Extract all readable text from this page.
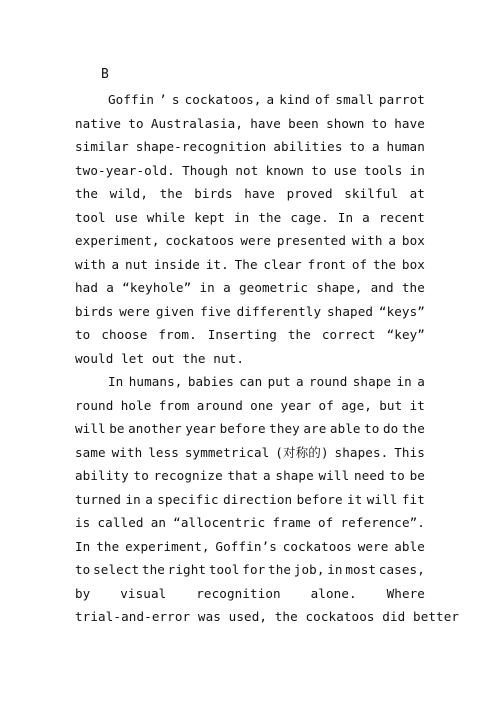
B
Goffin ’ s cockatoos, a kind of small parrot
native to Australasia, have been shown to have
similar shape-recognition abilities to a human
two-year-old. Though not known to use tools in
the wild, the birds have proved skilful at
tool use while kept in the cage. In a recent
experiment, cockatoos were presented with a box
with a nut inside it. The clear front of the box
had a “keyhole” in a geometric shape, and the
birds were given five differently shaped “keys”
to choose from. Inserting the correct “key”
would let out the nut.
In humans, babies can put a round shape in a
round hole from around one year of age, but it
will be another year before they are able to do the
same with less symmetrical (对称的) shapes. This
ability to recognize that a shape will need to be
turned in a specific direction before it will fit
is called an “allocentric frame of reference”.
In the experiment, Goffin’s cockatoos were able
to select the right tool for the job, in most cases,
by visual recognition alone. Where
trial-and-error was used, the cockatoos did better
